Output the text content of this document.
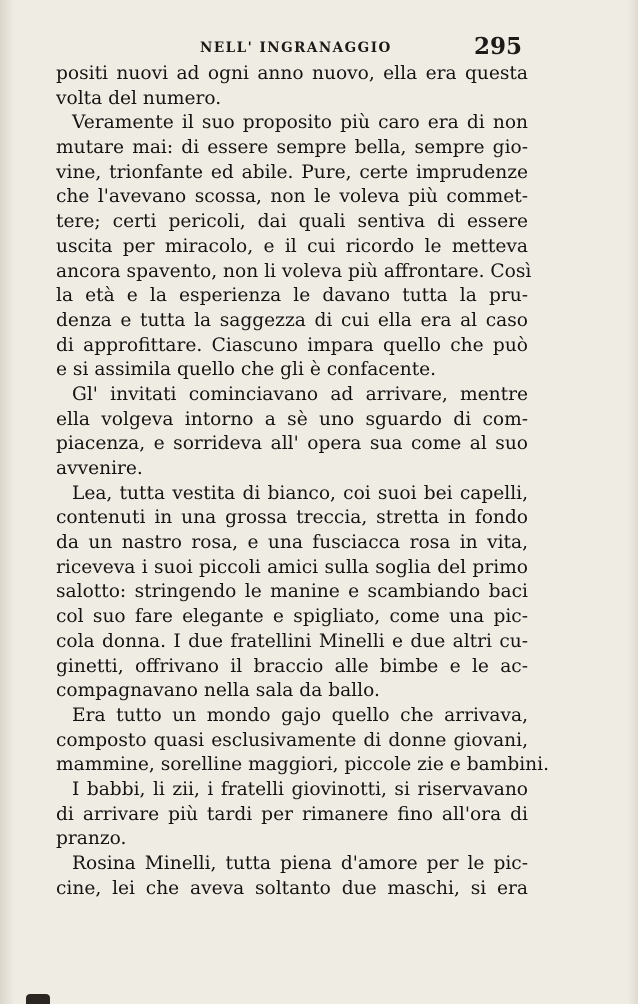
NELL' INGRANAGGIO	295
positi nuovi ad ogni anno nuovo, ella era questa
volta del numero.
Veramente il suo proposito più caro era di non
mutare mai: di essere sempre bella, sempre gio-
vine, trionfante ed abile. Pure, certe imprudenze
che l'avevano scossa, non le voleva più commet-
tere; certi pericoli, dai quali sentiva di essere
uscita per miracolo, e il cui ricordo le metteva
ancora spavento, non li voleva più affrontare. Così
la età e la esperienza le davano tutta la pru-
denza e tutta la saggezza di cui ella era al caso
di approfittare. Ciascuno impara quello che può
e si assimila quello che gli è confacente.
Gl' invitati cominciavano ad arrivare, mentre
ella volgeva intorno a sè uno sguardo di com-
piacenza, e sorrideva all' opera sua come al suo
avvenire.
Lea, tutta vestita di bianco, coi suoi bei capelli,
contenuti in una grossa treccia, stretta in fondo
da un nastro rosa, e una fusciacca rosa in vita,
riceveva i suoi piccoli amici sulla soglia del primo
salotto: stringendo le manine e scambiando baci
col suo fare elegante e spigliato, come una pic-
cola donna. I due fratellini Minelli e due altri cu-
ginetti, offrivano il braccio alle bimbe e le ac-
compagnavano nella sala da ballo.
Era tutto un mondo gajo quello che arrivava,
composto quasi esclusivamente di donne giovani,
mammine, sorelline maggiori, piccole zie e bambini.
I babbi, li zii, i fratelli giovinotti, si riservavano
di arrivare più tardi per rimanere fino all'ora di
pranzo.
Rosina Minelli, tutta piena d'amore per le pic-
cine, lei che aveva soltanto due maschi, si era
